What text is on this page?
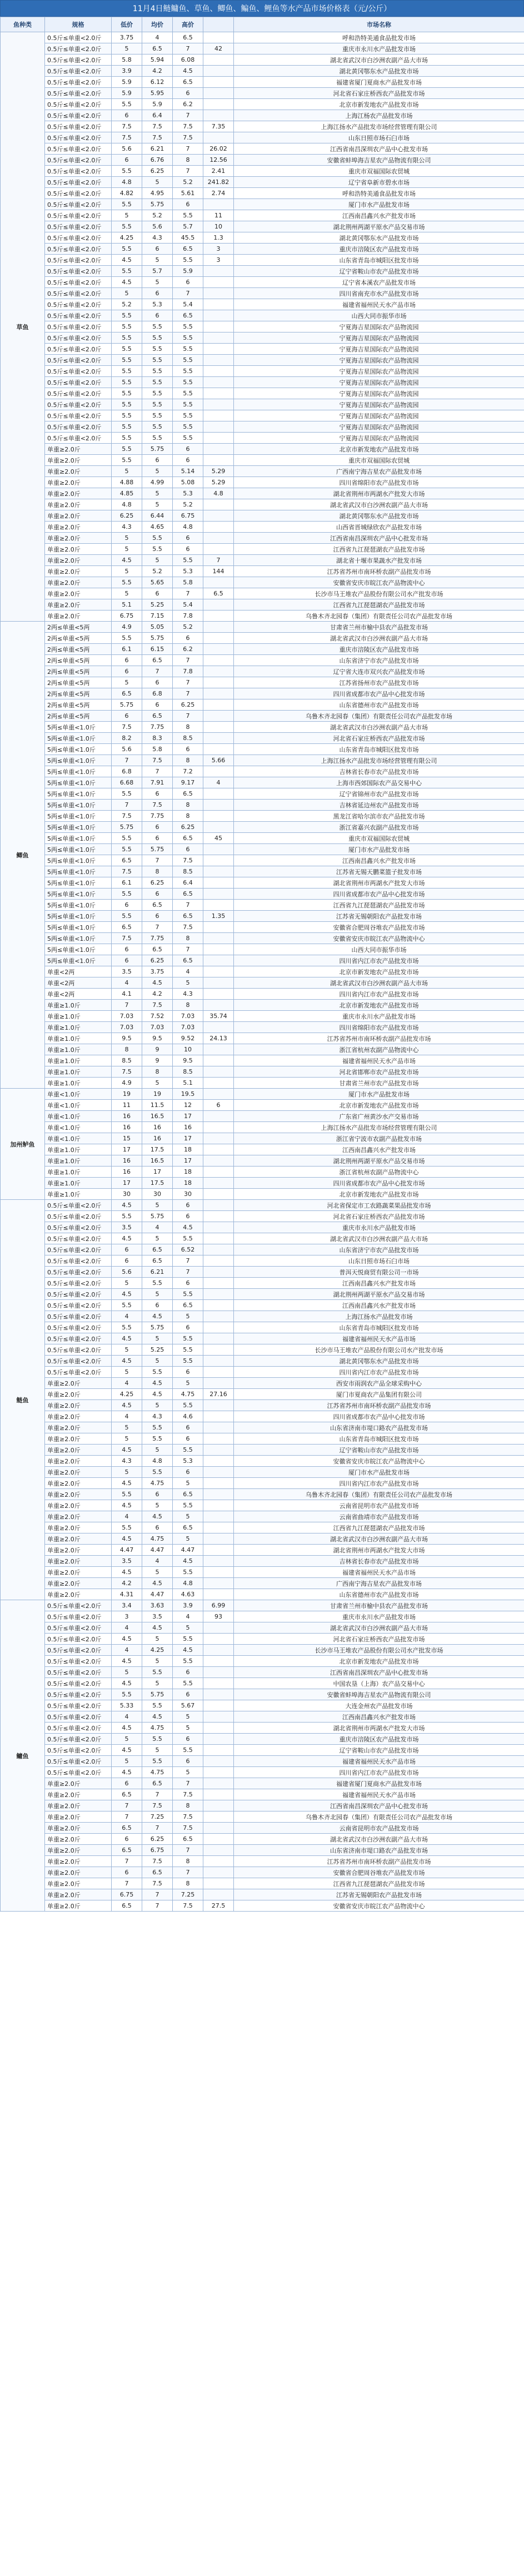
11月4日鲢鳙鱼、草鱼、鲫鱼、鳊鱼、鲤鱼等水产品市场价格表（元/公斤）
鱼种类	规格	低价	均价	高价		市场名称
草鱼	0.5斤≤单重<2.0斤	3.75	4	6.5		呼和浩特美通食品批发市场
	0.5斤≤单重<2.0斤	5	6.5	7	42	重庆市永川水产品批发市场
	0.5斤≤单重<2.0斤	5.8	5.94	6.08		湖北省武汉市白沙洲农副产品大市场
	0.5斤≤单重<2.0斤	3.9	4.2	4.5		湖北黄冈鄂东水产品批发市场
	0.5斤≤单重<2.0斤	5.9	6.12	6.5		福建省厦门夏商水产品批发市场
	0.5斤≤单重<2.0斤	5.9	5.95	6		河北省石家庄桥西农产品批发市场
	0.5斤≤单重<2.0斤	5.5	5.9	6.2		北京市新发地农产品批发市场
	0.5斤≤单重<2.0斤	6	6.4	7		上海江杨农产品批发市场
	0.5斤≤单重<2.0斤	7.5	7.5	7.5	7.35	上海江扬水产品批发市场经营管理有限公司
	0.5斤≤单重<2.0斤	7.5	7.5	7.5		山东日照市场石臼市场
	0.5斤≤单重<2.0斤	5.6	6.21	7	26.02	江西省南昌深圳农产品中心批发市场
	0.5斤≤单重<2.0斤	6	6.76	8	12.56	安徽省蚌埠海吉星农产品物流有限公司
	0.5斤≤单重<2.0斤	5.5	6.25	7	2.41	重庆市双福国际农贸城
	0.5斤≤单重<2.0斤	4.8	5	5.2	241.82	辽宁省阜新市碧水市场
	0.5斤≤单重<2.0斤	4.82	4.95	5.61	2.74	呼和浩特美通食品批发市场
	0.5斤≤单重<2.0斤	5.5	5.75	6		厦门市水产品批发市场
	0.5斤≤单重<2.0斤	5	5.2	5.5	11	江西南昌鑫兴水产批发市场
	0.5斤≤单重<2.0斤	5.5	5.6	5.7	10	湖北荆州两湖平原水产品交易市场
	0.5斤≤单重<2.0斤	4.25	4.3	45.5	1.3	湖北黄冈鄂东水产品批发市场
	0.5斤≤单重<2.0斤	5.5	6	6.5	3	重庆市涪陵区农产品批发市场
	0.5斤≤单重<2.0斤	4.5	5	5.5	3	山东省青岛市城阳区批发市场
	0.5斤≤单重<2.0斤	5.5	5.7	5.9		辽宁省鞍山市农产品批发市场
	0.5斤≤单重<2.0斤	4.5	5	6		辽宁省本溪农产品批发市场
	0.5斤≤单重<2.0斤	5	6	7		四川省南充市水产品批发市场
	0.5斤≤单重<2.0斤	5.2	5.3	5.4		福建省福州民天水产品市场
	0.5斤≤单重<2.0斤	5.5	6	6.5		山西大同市振华市场
	0.5斤≤单重<2.0斤	5.5	5.5	5.5		宁夏海吉星国际农产品物流园
	0.5斤≤单重<2.0斤	5.5	5.5	5.5		宁夏海吉星国际农产品物流园
	0.5斤≤单重<2.0斤	5.5	5.5	5.5		宁夏海吉星国际农产品物流园
	0.5斤≤单重<2.0斤	5.5	5.5	5.5		宁夏海吉星国际农产品物流园
	0.5斤≤单重<2.0斤	5.5	5.5	5.5		宁夏海吉星国际农产品物流园
	0.5斤≤单重<2.0斤	5.5	5.5	5.5		宁夏海吉星国际农产品物流园
	0.5斤≤单重<2.0斤	5.5	5.5	5.5		宁夏海吉星国际农产品物流园
	0.5斤≤单重<2.0斤	5.5	5.5	5.5		宁夏海吉星国际农产品物流园
	0.5斤≤单重<2.0斤	5.5	5.5	5.5		宁夏海吉星国际农产品物流园
	0.5斤≤单重<2.0斤	5.5	5.5	5.5		宁夏海吉星国际农产品物流园
	0.5斤≤单重<2.0斤	5.5	5.5	5.5		宁夏海吉星国际农产品物流园
	单重≥2.0斤	5.5	5.75	6		北京市新发地农产品批发市场
	单重≥2.0斤	5.5	6	6		重庆市双福国际农贸城
	单重≥2.0斤	5	5	5.14	5.29	广西南宁海吉星农产品批发市场
	单重≥2.0斤	4.88	4.99	5.08	5.29	四川省绵阳市农产品批发市场
	单重≥2.0斤	4.85	5	5.3	4.8	湖北省荆州市两湖水产批发大市场
	单重≥2.0斤	4.8	5	5.2		湖北省武汉市白沙洲农副产品大市场
	单重≥2.0斤	6.25	6.44	6.75		湖北黄冈鄂东水产品批发市场
	单重≥2.0斤	4.3	4.65	4.8		山西省晋城绿欣农产品批发市场
	单重≥2.0斤	5	5.5	6		江西省南昌深圳农产品中心批发市场
	单重≥2.0斤	5	5.5	6		江西省九江琵琶湖农产品批发市场
	单重≥2.0斤	4.5	5	5.5	7	湖北省十堰市果蔬水产批发市场
	单重≥2.0斤	5	5.2	5.3	144	江苏省苏州市南环桥农副产品批发市场
	单重≥2.0斤	5.5	5.65	5.8		安徽省安庆市皖江农产品物流中心
	单重≥2.0斤	5	6	7	6.5	长沙市马王堆农产品股份有限公司水产批发市场
	单重≥2.0斤	5.1	5.25	5.4		江西省九江琵琶湖农产品批发市场
	单重≥2.0斤	6.75	7.15	7.8		乌鲁木齐北园春（集团）有限责任公司农产品批发市场
鲫鱼	2两≤单重<5两	4.9	5.05	5.2		甘肃省兰州市榆中县农产品批发市场
	2两≤单重<5两	5.5	5.75	6		湖北省武汉市白沙洲农副产品大市场
	2两≤单重<5两	6.1	6.15	6.2		重庆市涪陵区农产品批发市场
	2两≤单重<5两	6	6.5	7		山东省济宁市农产品批发市场
	2两≤单重<5两	6	7	7.8		辽宁省大连市双兴农产品批发市场
	2两≤单重<5两	5	6	7		江苏省扬州市农产品批发市场
	2两≤单重<5两	6.5	6.8	7		四川省成都市农产品中心批发市场
	2两≤单重<5两	5.75	6	6.25		山东省德州市农产品批发市场
	2两≤单重<5两	6	6.5	7		乌鲁木齐北园春（集团）有限责任公司农产品批发市场
	5两≤单重<1.0斤	7.5	7.75	8		湖北省武汉市白沙洲农副产品大市场
	5两≤单重<1.0斤	8.2	8.3	8.5		河北省石家庄桥西农产品批发市场
	5两≤单重<1.0斤	5.6	5.8	6		山东省青岛市城阳区批发市场
	5两≤单重<1.0斤	7	7.5	8	5.66	上海江扬水产品批发市场经营管理有限公司
	5两≤单重<1.0斤	6.8	7	7.2		吉林省长春市农产品批发市场
	5两≤单重<1.0斤	6.68	7.91	9.17	4	上海市西郊国际农产品交易中心
	5两≤单重<1.0斤	5.5	6	6.5		辽宁省锦州市农产品批发市场
	5两≤单重<1.0斤	7	7.5	8		吉林省延边州农产品批发市场
	5两≤单重<1.0斤	7.5	7.75	8		黑龙江省哈尔滨市农产品批发市场
	5两≤单重<1.0斤	5.75	6	6.25		浙江省嘉兴农副产品批发市场
	5两≤单重<1.0斤	5.5	6	6.5	45	重庆市双福国际农贸城
	5两≤单重<1.0斤	5.5	5.75	6		厦门市水产品批发市场
	5两≤单重<1.0斤	6.5	7	7.5		江西南昌鑫兴水产批发市场
	5两≤单重<1.0斤	7.5	8	8.5		江苏省无锡天鹏菜篮子批发市场
	5两≤单重<1.0斤	6.1	6.25	6.4		湖北省荆州市两湖水产批发大市场
	5两≤单重<1.0斤	5.5	6	6.5		四川省成都市农产品中心批发市场
	5两≤单重<1.0斤	6	6.5	7		江西省九江琵琶湖农产品批发市场
	5两≤单重<1.0斤	5.5	6	6.5	1.35	江苏省无锡朝阳农产品批发市场
	5两≤单重<1.0斤	6.5	7	7.5		安徽省合肥周谷堆农产品批发市场
	5两≤单重<1.0斤	7.5	7.75	8		安徽省安庆市皖江农产品物流中心
	5两≤单重<1.0斤	6	6.5	7		山西大同市振华市场
	5两≤单重<1.0斤	6	6.25	6.5		四川省内江市农产品批发市场
	单重<2两	3.5	3.75	4		北京市新发地农产品批发市场
	单重<2两	4	4.5	5		湖北省武汉市白沙洲农副产品大市场
	单重<2两	4.1	4.2	4.3		四川省内江市农产品批发市场
	单重≥1.0斤	7	7.5	8		北京市新发地农产品批发市场
	单重≥1.0斤	7.03	7.52	7.03	35.74	重庆市永川水产品批发市场
	单重≥1.0斤	7.03	7.03	7.03		四川省绵阳市农产品批发市场
	单重≥1.0斤	9.5	9.5	9.52	24.13	江苏省苏州市南环桥农副产品批发市场
	单重≥1.0斤	8	9	10		浙江省杭州农副产品物流中心
	单重≥1.0斤	8.5	9	9.5		福建省福州民天水产品市场
	单重≥1.0斤	7.5	8	8.5		河北省邯郸市农产品批发市场
	单重≥1.0斤	4.9	5	5.1		甘肃省兰州市农产品批发市场
加州鲈鱼	单重<1.0斤	19	19	19.5		厦门市水产品批发市场
	单重<1.0斤	11	11.5	12	6	北京市新发地农产品批发市场
	单重<1.0斤	16	16.5	17		广东省广州黄沙水产交易市场
	单重<1.0斤	16	16	16		上海江扬水产品批发市场经营管理有限公司
	单重<1.0斤	15	16	17		浙江省宁波市农副产品批发市场
	单重≥1.0斤	17	17.5	18		江西南昌鑫兴水产批发市场
	单重≥1.0斤	16	16.5	17		湖北荆州两湖平原水产品交易市场
	单重≥1.0斤	16	17	18		浙江省杭州农副产品物流中心
	单重≥1.0斤	17	17.5	18		四川省成都市农产品中心批发市场
	单重≥1.0斤	30	30	30		北京市新发地农产品批发市场
鲢鱼	0.5斤≤单重<2.0斤	4.5	5	6		河北省保定市工农路蔬菜果品批发市场
	0.5斤≤单重<2.0斤	5.5	5.75	6		河北省石家庄桥西农产品批发市场
	0.5斤≤单重<2.0斤	3.5	4	4.5		重庆市永川水产品批发市场
	0.5斤≤单重<2.0斤	4.5	5	5.5		湖北省武汉市白沙洲农副产品大市场
	0.5斤≤单重<2.0斤	6	6.5	6.52		山东省济宁市农产品批发市场
	0.5斤≤单重<2.0斤	6	6.5	7		山东日照市场石臼市场
	0.5斤≤单重<2.0斤	5.6	6.21	7		普洱天悦商贸有限公司一市场
	0.5斤≤单重<2.0斤	5	5.5	6		江西南昌鑫兴水产批发市场
	0.5斤≤单重<2.0斤	4.5	5	5.5		湖北荆州两湖平原水产品交易市场
	0.5斤≤单重<2.0斤	5.5	6	6.5		江西南昌鑫兴水产批发市场
	0.5斤≤单重<2.0斤	4	4.5	5		上海江扬水产品批发市场
	0.5斤≤单重<2.0斤	5.5	5.75	6		山东省青岛市城阳区批发市场
	0.5斤≤单重<2.0斤	4.5	5	5.5		福建省福州民天水产品市场
	0.5斤≤单重<2.0斤	5	5.25	5.5		长沙市马王堆农产品股份有限公司水产批发市场
	0.5斤≤单重<2.0斤	4.5	5	5.5		湖北黄冈鄂东水产品批发市场
	0.5斤≤单重<2.0斤	5	5.5	6		四川省内江市农产品批发市场
	单重≥2.0斤	4	4.5	5		西安市雨润农产品全球采购中心
	单重≥2.0斤	4.25	4.5	4.75	27.16	厦门市夏商农产品集团有限公司
	单重≥2.0斤	4.5	5	5.5		江苏省苏州市南环桥农副产品批发市场
	单重≥2.0斤	4	4.3	4.6		四川省成都市农产品中心批发市场
	单重≥2.0斤	5	5.5	6		山东省济南市堤口路农产品批发市场
	单重≥2.0斤	5	5.5	6		山东省青岛市城阳区批发市场
	单重≥2.0斤	4.5	5	5.5		辽宁省鞍山市农产品批发市场
	单重≥2.0斤	4.3	4.8	5.3		安徽省安庆市皖江农产品物流中心
	单重≥2.0斤	5	5.5	6		厦门市水产品批发市场
	单重≥2.0斤	4.5	4.75	5		四川省内江市农产品批发市场
	单重≥2.0斤	5.5	6	6.5		乌鲁木齐北园春（集团）有限责任公司农产品批发市场
	单重≥2.0斤	4.5	5	5.5		云南省昆明市农产品批发市场
	单重≥2.0斤	4	4.5	5		云南省曲靖市农产品批发市场
	单重≥2.0斤	5.5	6	6.5		江西省九江琵琶湖农产品批发市场
	单重≥2.0斤	4.5	4.75	5		湖北省武汉市白沙洲农副产品大市场
	单重≥2.0斤	4.47	4.47	4.47		湖北省荆州市两湖水产批发大市场
	单重≥2.0斤	3.5	4	4.5		吉林省长春市农产品批发市场
	单重≥2.0斤	4.5	5	5.5		福建省福州民天水产品市场
	单重≥2.0斤	4.2	4.5	4.8		广西南宁海吉星农产品批发市场
	单重≥2.0斤	4.31	4.47	4.63		山东省德州市农产品批发市场
鳙鱼	0.5斤≤单重<2.0斤	3.4	3.63	3.9	6.99	甘肃省兰州市榆中县农产品批发市场
	0.5斤≤单重<2.0斤	3	3.5	4	93	重庆市永川水产品批发市场
	0.5斤≤单重<2.0斤	4	4.5	5		湖北省武汉市白沙洲农副产品大市场
	0.5斤≤单重<2.0斤	4.5	5	5.5		河北省石家庄桥西农产品批发市场
	0.5斤≤单重<2.0斤	4	4.25	4.5		长沙市马王堆农产品股份有限公司水产批发市场
	0.5斤≤单重<2.0斤	4.5	5	5.5		北京市新发地农产品批发市场
	0.5斤≤单重<2.0斤	5	5.5	6		江西省南昌深圳农产品中心批发市场
	0.5斤≤单重<2.0斤	4.5	5	5.5		中国农垦（上海）农产品交易中心
	0.5斤≤单重<2.0斤	5.5	5.75	6		安徽省蚌埠海吉星农产品物流有限公司
	0.5斤≤单重<2.0斤	5.33	5.5	5.67		大连金州农产品批发市场
	0.5斤≤单重<2.0斤	4	4.5	5		江西南昌鑫兴水产批发市场
	0.5斤≤单重<2.0斤	4.5	4.75	5		湖北省荆州市两湖水产批发大市场
	0.5斤≤单重<2.0斤	5	5.5	6		重庆市涪陵区农产品批发市场
	0.5斤≤单重<2.0斤	4.5	5	5.5		辽宁省鞍山市农产品批发市场
	0.5斤≤单重<2.0斤	5	5.5	6		福建省福州民天水产品市场
	0.5斤≤单重<2.0斤	4.5	4.75	5		四川省内江市农产品批发市场
	单重≥2.0斤	6	6.5	7		福建省厦门夏商水产品批发市场
	单重≥2.0斤	6.5	7	7.5		福建省福州民天水产品市场
	单重≥2.0斤	7	7.5	8		江西省南昌深圳农产品中心批发市场
	单重≥2.0斤	7	7.25	7.5		乌鲁木齐北园春（集团）有限责任公司农产品批发市场
	单重≥2.0斤	6.5	7	7.5		云南省昆明市农产品批发市场
	单重≥2.0斤	6	6.25	6.5		湖北省武汉市白沙洲农副产品大市场
	单重≥2.0斤	6.5	6.75	7		山东省济南市堤口路农产品批发市场
	单重≥2.0斤	7	7.5	8		江苏省苏州市南环桥农副产品批发市场
	单重≥2.0斤	6	6.5	7		安徽省合肥周谷堆农产品批发市场
	单重≥2.0斤	7	7.5	8		江西省九江琵琶湖农产品批发市场
	单重≥2.0斤	6.75	7	7.25		江苏省无锡朝阳农产品批发市场
	单重≥2.0斤	6.5	7	7.5	27.5	安徽省安庆市皖江农产品物流中心
